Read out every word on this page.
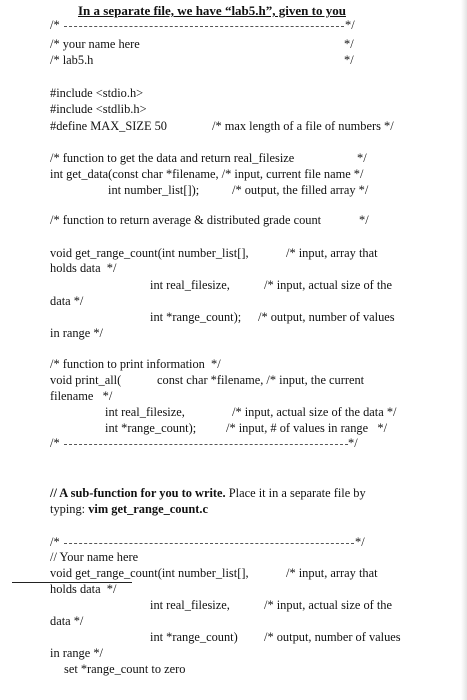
In a separate file, we have “lab5.h”, given to you
/*	*/
/* your name here	*/
/* lab5.h	*/
#include <stdio.h>
#include <stdlib.h>
#define MAX_SIZE 50	/* max length of a file of numbers */
/* function to get the data and return real_filesize	*/
int get_data(const char *filename, /* input, current file name */
int number_list[]);	/* output, the filled array */
/* function to return average & distributed grade count	*/
void get_range_count(int number_list[],	/* input, array that
holds data  */
int real_filesize,	/* input, actual size of the
data */
int *range_count); /* output, number of values
in range */
/* function to print information  */
void print_all(	const char *filename, /* input, the current
filename   */
int real_filesize,	/* input, actual size of the data */
int *range_count); /* input, # of values in range   */
/*	*/
// A sub-function for you to write. Place it in a separate file by
typing: vim get_range_count.c
/*	*/
// Your name here
void get_range_count(int number_list[],	/* input, array that
holds data  */
int real_filesize,	/* input, actual size of the
data */
int *range_count) /* output, number of values
in range */
set *range_count to zero
